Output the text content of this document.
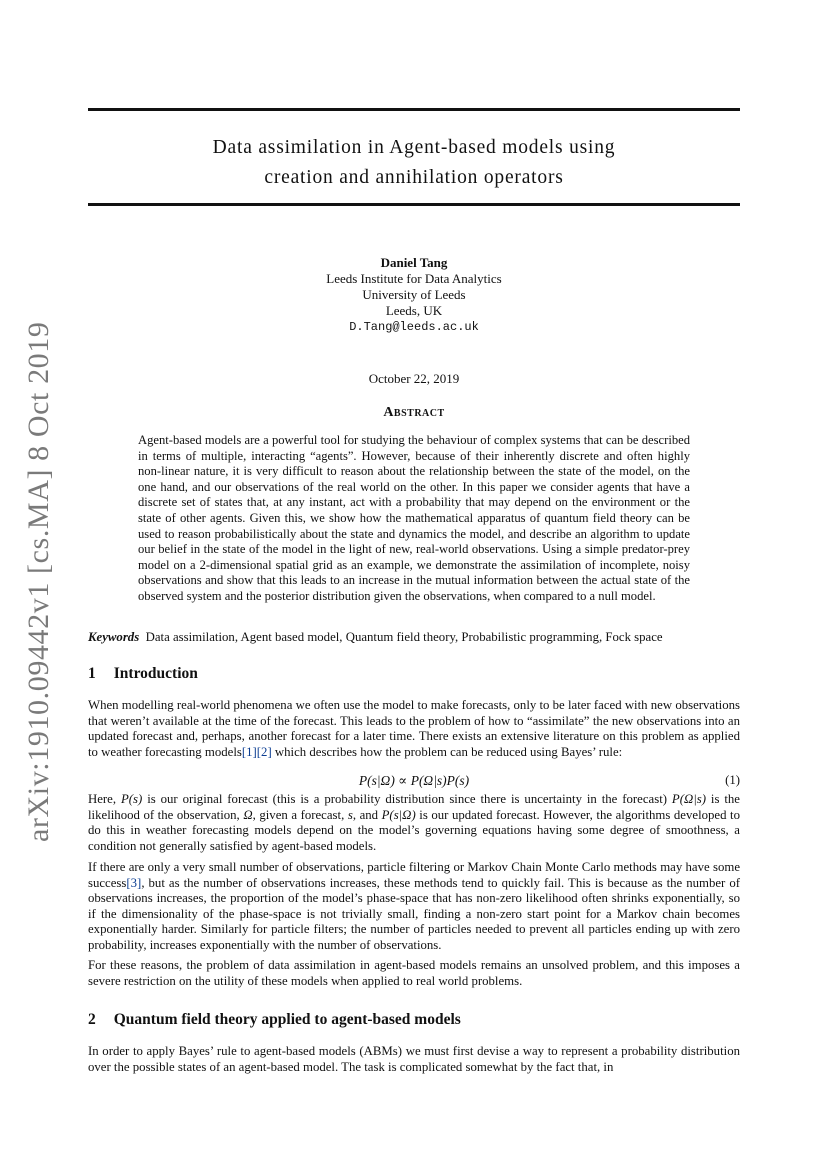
arXiv:1910.09442v1 [cs.MA] 8 Oct 2019
Data assimilation in Agent-based models using
creation and annihilation operators
Daniel Tang
Leeds Institute for Data Analytics
University of Leeds
Leeds, UK
D.Tang@leeds.ac.uk
October 22, 2019
Abstract
Agent-based models are a powerful tool for studying the behaviour of complex systems that can be described in terms of multiple, interacting “agents”. However, because of their inherently discrete and often highly non-linear nature, it is very difficult to reason about the relationship between the state of the model, on the one hand, and our observations of the real world on the other. In this paper we consider agents that have a discrete set of states that, at any instant, act with a probability that may depend on the environment or the state of other agents. Given this, we show how the mathematical apparatus of quantum field theory can be used to reason probabilistically about the state and dynamics the model, and describe an algorithm to update our belief in the state of the model in the light of new, real-world observations. Using a simple predator-prey model on a 2-dimensional spatial grid as an example, we demonstrate the assimilation of incomplete, noisy observations and show that this leads to an increase in the mutual information between the actual state of the observed system and the posterior distribution given the observations, when compared to a null model.
Keywords Data assimilation, Agent based model, Quantum field theory, Probabilistic programming, Fock space
1 Introduction
When modelling real-world phenomena we often use the model to make forecasts, only to be later faced with new observations that weren’t available at the time of the forecast. This leads to the problem of how to “assimilate” the new observations into an updated forecast and, perhaps, another forecast for a later time. There exists an extensive literature on this problem as applied to weather forecasting models[1][2] which describes how the problem can be reduced using Bayes’ rule:
P(s|Ω) ∝ P(Ω|s)P(s)	(1)
Here, P(s) is our original forecast (this is a probability distribution since there is uncertainty in the forecast) P(Ω|s) is the likelihood of the observation, Ω, given a forecast, s, and P(s|Ω) is our updated forecast. However, the algorithms developed to do this in weather forecasting models depend on the model’s governing equations having some degree of smoothness, a condition not generally satisfied by agent-based models.
If there are only a very small number of observations, particle filtering or Markov Chain Monte Carlo methods may have some success[3], but as the number of observations increases, these methods tend to quickly fail. This is because as the number of observations increases, the proportion of the model’s phase-space that has non-zero likelihood often shrinks exponentially, so if the dimensionality of the phase-space is not trivially small, finding a non-zero start point for a Markov chain becomes exponentially harder. Similarly for particle filters; the number of particles needed to prevent all particles ending up with zero probability, increases exponentially with the number of observations.
For these reasons, the problem of data assimilation in agent-based models remains an unsolved problem, and this imposes a severe restriction on the utility of these models when applied to real world problems.
2 Quantum field theory applied to agent-based models
In order to apply Bayes’ rule to agent-based models (ABMs) we must first devise a way to represent a probability distribution over the possible states of an agent-based model. The task is complicated somewhat by the fact that, in
